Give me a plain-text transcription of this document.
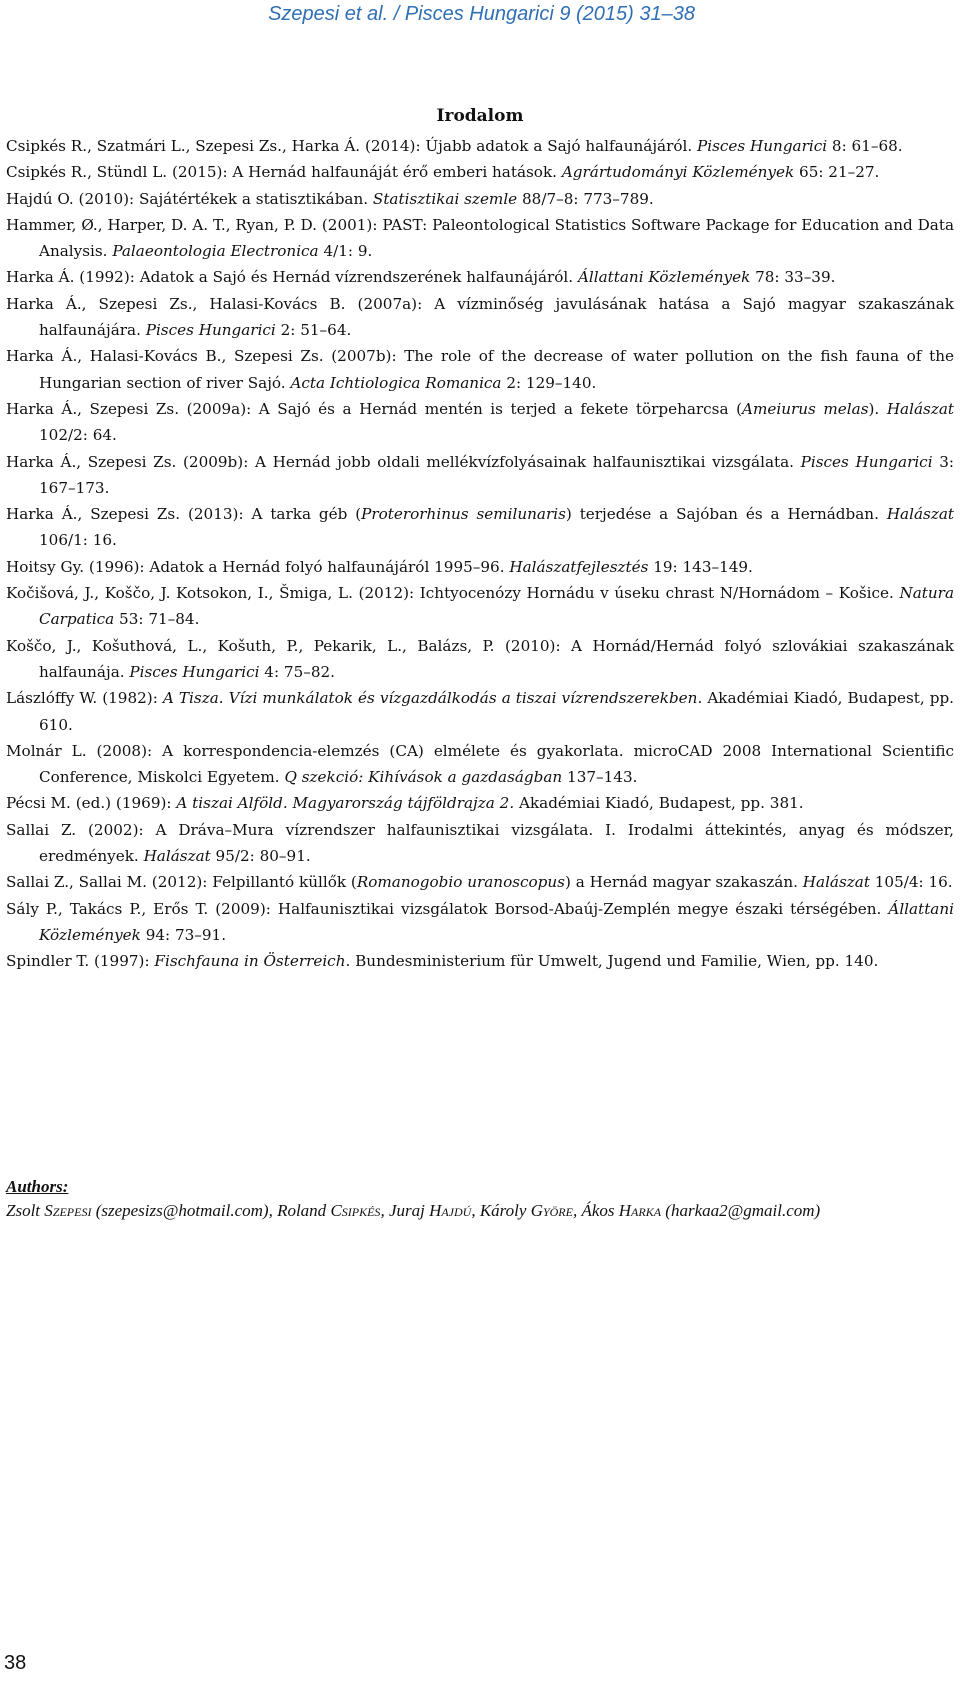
Szepesi et al. / Pisces Hungarici 9 (2015) 31–38
Irodalom
Csipkés R., Szatmári L., Szepesi Zs., Harka Á. (2014): Újabb adatok a Sajó halfaunájáról. Pisces Hungarici 8: 61–68.
Csipkés R., Stündl L. (2015): A Hernád halfaunáját érő emberi hatások. Agrártudományi Közlemények 65: 21–27.
Hajdú O. (2010): Sajátértékek a statisztikában. Statisztikai szemle 88/7–8: 773–789.
Hammer, Ø., Harper, D. A. T., Ryan, P. D. (2001): PAST: Paleontological Statistics Software Package for Education and Data Analysis. Palaeontologia Electronica 4/1: 9.
Harka Á. (1992): Adatok a Sajó és Hernád vízrendszerének halfaunájáról. Állattani Közlemények 78: 33–39.
Harka Á., Szepesi Zs., Halasi-Kovács B. (2007a): A vízminőség javulásának hatása a Sajó magyar szakaszának halfaunájára. Pisces Hungarici 2: 51–64.
Harka Á., Halasi-Kovács B., Szepesi Zs. (2007b): The role of the decrease of water pollution on the fish fauna of the Hungarian section of river Sajó. Acta Ichtiologica Romanica 2: 129–140.
Harka Á., Szepesi Zs. (2009a): A Sajó és a Hernád mentén is terjed a fekete törpeharcsa (Ameiurus melas). Halászat 102/2: 64.
Harka Á., Szepesi Zs. (2009b): A Hernád jobb oldali mellékvízfolyásainak halfaunisztikai vizsgálata. Pisces Hungarici 3: 167–173.
Harka Á., Szepesi Zs. (2013): A tarka géb (Proterorhinus semilunaris) terjedése a Sajóban és a Hernádban. Halászat 106/1: 16.
Hoitsy Gy. (1996): Adatok a Hernád folyó halfaunájáról 1995–96. Halászatfejlesztés 19: 143–149.
Kočišová, J., Koščo, J. Kotsokon, I., Šmiga, L. (2012): Ichtyocenózy Hornádu v úseku chrast N/Hornádom – Košice. Natura Carpatica 53: 71–84.
Koščo, J., Košuthová, L., Košuth, P., Pekarik, L., Balázs, P. (2010): A Hornád/Hernád folyó szlovákiai szakaszának halfaunája. Pisces Hungarici 4: 75–82.
Lászlóffy W. (1982): A Tisza. Vízi munkálatok és vízgazdálkodás a tiszai vízrendszerekben. Akadémiai Kiadó, Budapest, pp. 610.
Molnár L. (2008): A korrespondencia-elemzés (CA) elmélete és gyakorlata. microCAD 2008 International Scientific Conference, Miskolci Egyetem. Q szekció: Kihívások a gazdaságban 137–143.
Pécsi M. (ed.) (1969): A tiszai Alföld. Magyarország tájföldrajza 2. Akadémiai Kiadó, Budapest, pp. 381.
Sallai Z. (2002): A Dráva–Mura vízrendszer halfaunisztikai vizsgálata. I. Irodalmi áttekintés, anyag és módszer, eredmények. Halászat 95/2: 80–91.
Sallai Z., Sallai M. (2012): Felpillantó küllők (Romanogobio uranoscopus) a Hernád magyar szakaszán. Halászat 105/4: 16.
Sály P., Takács P., Erős T. (2009): Halfaunisztikai vizsgálatok Borsod-Abaúj-Zemplén megye északi térségében. Állattani Közlemények 94: 73–91.
Spindler T. (1997): Fischfauna in Österreich. Bundesministerium für Umwelt, Jugend und Familie, Wien, pp. 140.
Authors:
Zsolt Szepesi (szepesizs@hotmail.com), Roland Csipkés, Juraj Hajdú, Károly Györe, Ákos Harka (harkaa2@gmail.com)
38
